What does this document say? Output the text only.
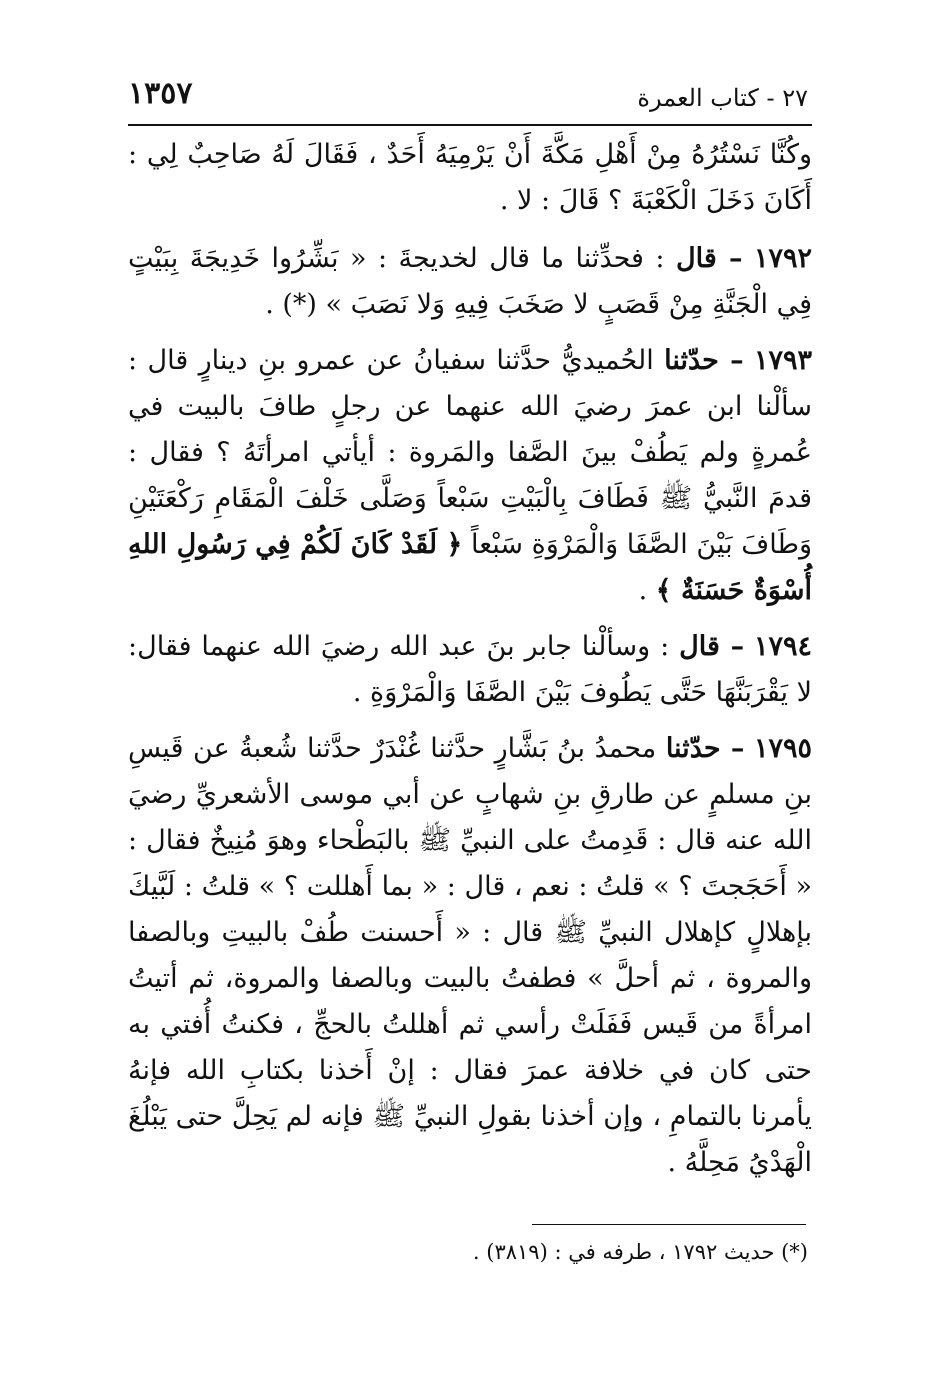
١٣٥٧	٢٧ - كتاب العمرة

وكُنَّا نَسْتُرُهُ مِنْ أَهْلِ مَكَّةَ أَنْ يَرْمِيَهُ أَحَدٌ ، فَقَالَ لَهُ صَاحِبٌ لِي : أَكَانَ دَخَلَ الْكَعْبَةَ ؟ قَالَ : لا .

١٧٩٢ – قال : فحدِّثنا ما قال لخديجةَ : « بَشِّرُوا خَدِيجَةَ بِبَيْتٍ فِي الْجَنَّةِ مِنْ قَصَبٍ لا صَخَبَ فِيهِ وَلا نَصَبَ » (*) .

١٧٩٣ – حدّثنا الحُميديُّ حدَّثنا سفيانُ عن عمرو بنِ دينارٍ قال : سألْنا ابن عمرَ رضيَ الله عنهما عن رجلٍ طافَ بالبيت في عُمرةٍ ولم يَطُفْ بينَ الصَّفا والمَروة : أيأتي امرأتَهُ ؟ فقال : قدمَ النَّبيُّ ﷺ فَطَافَ بِالْبَيْتِ سَبْعاً وَصَلَّى خَلْفَ الْمَقَامِ رَكْعَتَيْنِ وَطَافَ بَيْنَ الصَّفَا وَالْمَرْوَةِ سَبْعاً ﴿ لَقَدْ كَانَ لَكُمْ فِي رَسُولِ اللهِ أُسْوَةٌ حَسَنَةٌ ﴾ .

١٧٩٤ – قال : وسألْنا جابر بنَ عبد الله رضيَ الله عنهما فقال: لا يَقْرَبَنَّهَا حَتَّى يَطُوفَ بَيْنَ الصَّفَا وَالْمَرْوَةِ .

١٧٩٥ – حدّثنا محمدُ بنُ بَشَّارٍ حدَّثنا غُنْدَرٌ حدَّثنا شُعبةُ عن قَيسِ بنِ مسلمٍ عن طارقِ بنِ شهابٍ عن أبي موسى الأشعريِّ رضيَ الله عنه قال : قَدِمتُ على النبيِّ ﷺ بالبَطْحاء وهوَ مُنِيخٌ فقال : « أَحَجَجتَ ؟ » قلتُ : نعم ، قال : « بما أَهللت ؟ » قلتُ : لَبَّيكَ بإهلالٍ كإهلال النبيِّ ﷺ قال : « أَحسنت طُفْ بالبيتِ وبالصفا والمروة ، ثم أحلَّ » فطفتُ بالبيت وبالصفا والمروة، ثم أتيتُ امرأةً من قَيس فَفَلَتْ رأسي ثم أهللتُ بالحجِّ ، فكنتُ أُفتي به حتى كان في خلافة عمرَ فقال : إنْ أَخذنا بكتابِ الله فإنهُ يأمرنا بالتمامِ ، وإن أخذنا بقولِ النبيِّ ﷺ فإنه لم يَحِلَّ حتى يَبْلُغَ الْهَدْيُ مَحِلَّهُ .

(*) حديث ١٧٩٢ ، طرفه في : (٣٨١٩) .
